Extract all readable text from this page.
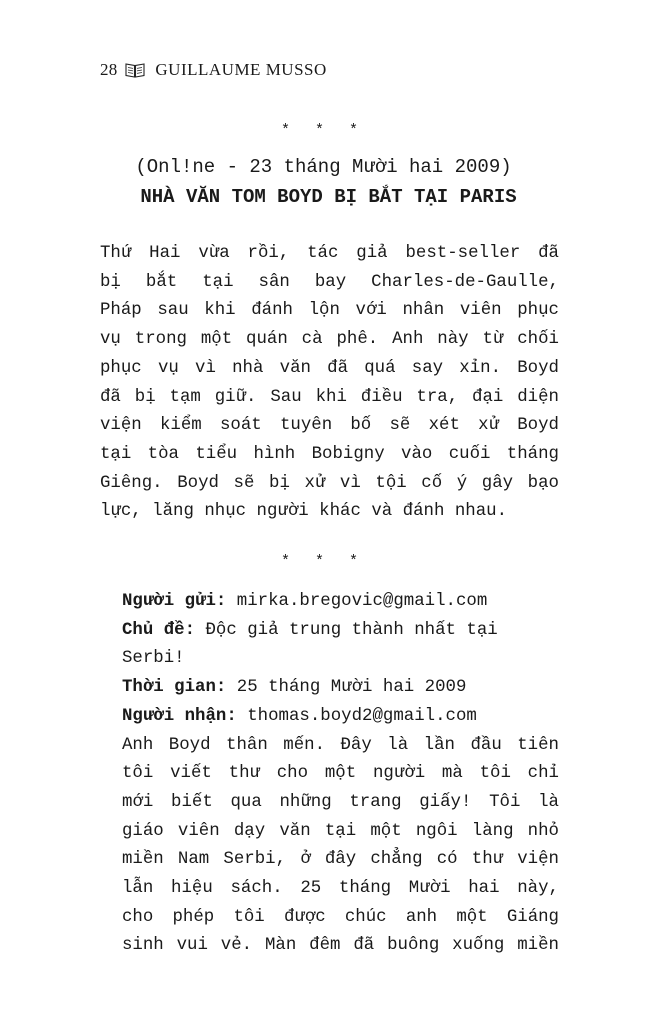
28 GUILLAUME MUSSO
* * *
(Onl!ne - 23 tháng Mười hai 2009)
NHÀ VĂN TOM BOYD BỊ BẮT TẠI PARIS
Thứ Hai vừa rồi, tác giả best-seller đã
bị bắt tại sân bay Charles-de-Gaulle,
Pháp sau khi đánh lộn với nhân viên phục
vụ trong một quán cà phê. Anh này từ chối
phục vụ vì nhà văn đã quá say xỉn. Boyd
đã bị tạm giữ. Sau khi điều tra, đại diện
viện kiểm soát tuyên bố sẽ xét xử Boyd
tại tòa tiểu hình Bobigny vào cuối tháng
Giêng. Boyd sẽ bị xử vì tội cố ý gây bạo
lực, lăng nhục người khác và đánh nhau.
* * *
Người gửi: mirka.bregovic@gmail.com
Chủ đề: Độc giả trung thành nhất tại
Serbi!
Thời gian: 25 tháng Mười hai 2009
Người nhận: thomas.boyd2@gmail.com
Anh Boyd thân mến. Đây là lần đầu tiên
tôi viết thư cho một người mà tôi chỉ
mới biết qua những trang giấy! Tôi là
giáo viên dạy văn tại một ngôi làng nhỏ
miền Nam Serbi, ở đây chẳng có thư viện
lẫn hiệu sách. 25 tháng Mười hai này,
cho phép tôi được chúc anh một Giáng
sinh vui vẻ. Màn đêm đã buông xuống miền
